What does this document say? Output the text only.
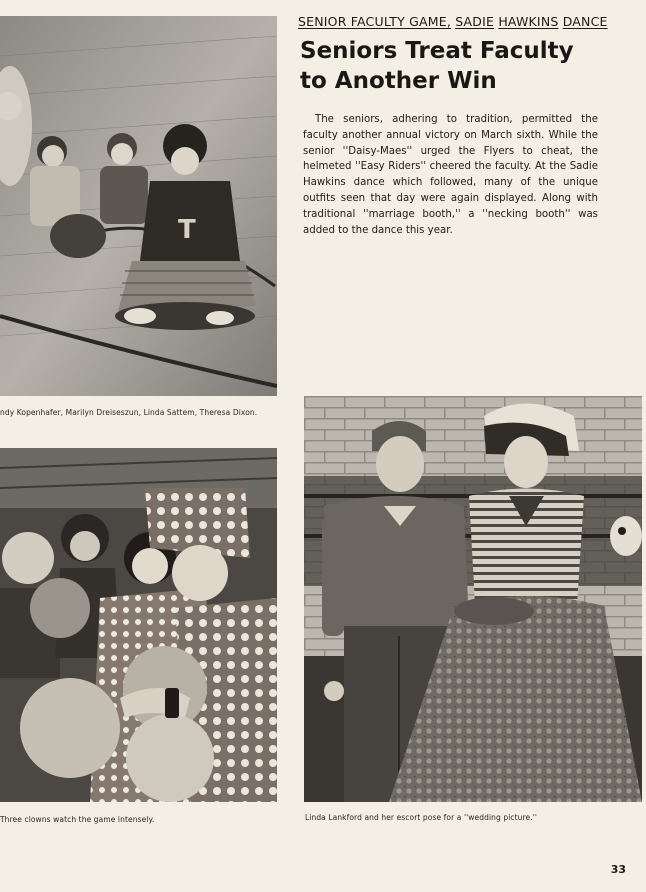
SENIOR FACULTY GAME, SADIE HAWKINS DANCE
Seniors Treat Faculty
to Another Win
The seniors, adhering to tradition, permitted the faculty another annual victory on March sixth. While the senior ''Daisy-Maes'' urged the Flyers to cheat, the helmeted ''Easy Riders'' cheered the faculty. At the Sadie Hawkins dance which followed, many of the unique outfits seen that day were again displayed. Along with traditional ''marriage booth,'' a ''necking booth'' was added to the dance this year.
T
ndy Kopenhafer, Marilyn Dreiseszun, Linda Sattem, Theresa Dixon.
Three clowns watch the game intensely.	Linda Lankford and her escort pose for a ''wedding picture.''
33
